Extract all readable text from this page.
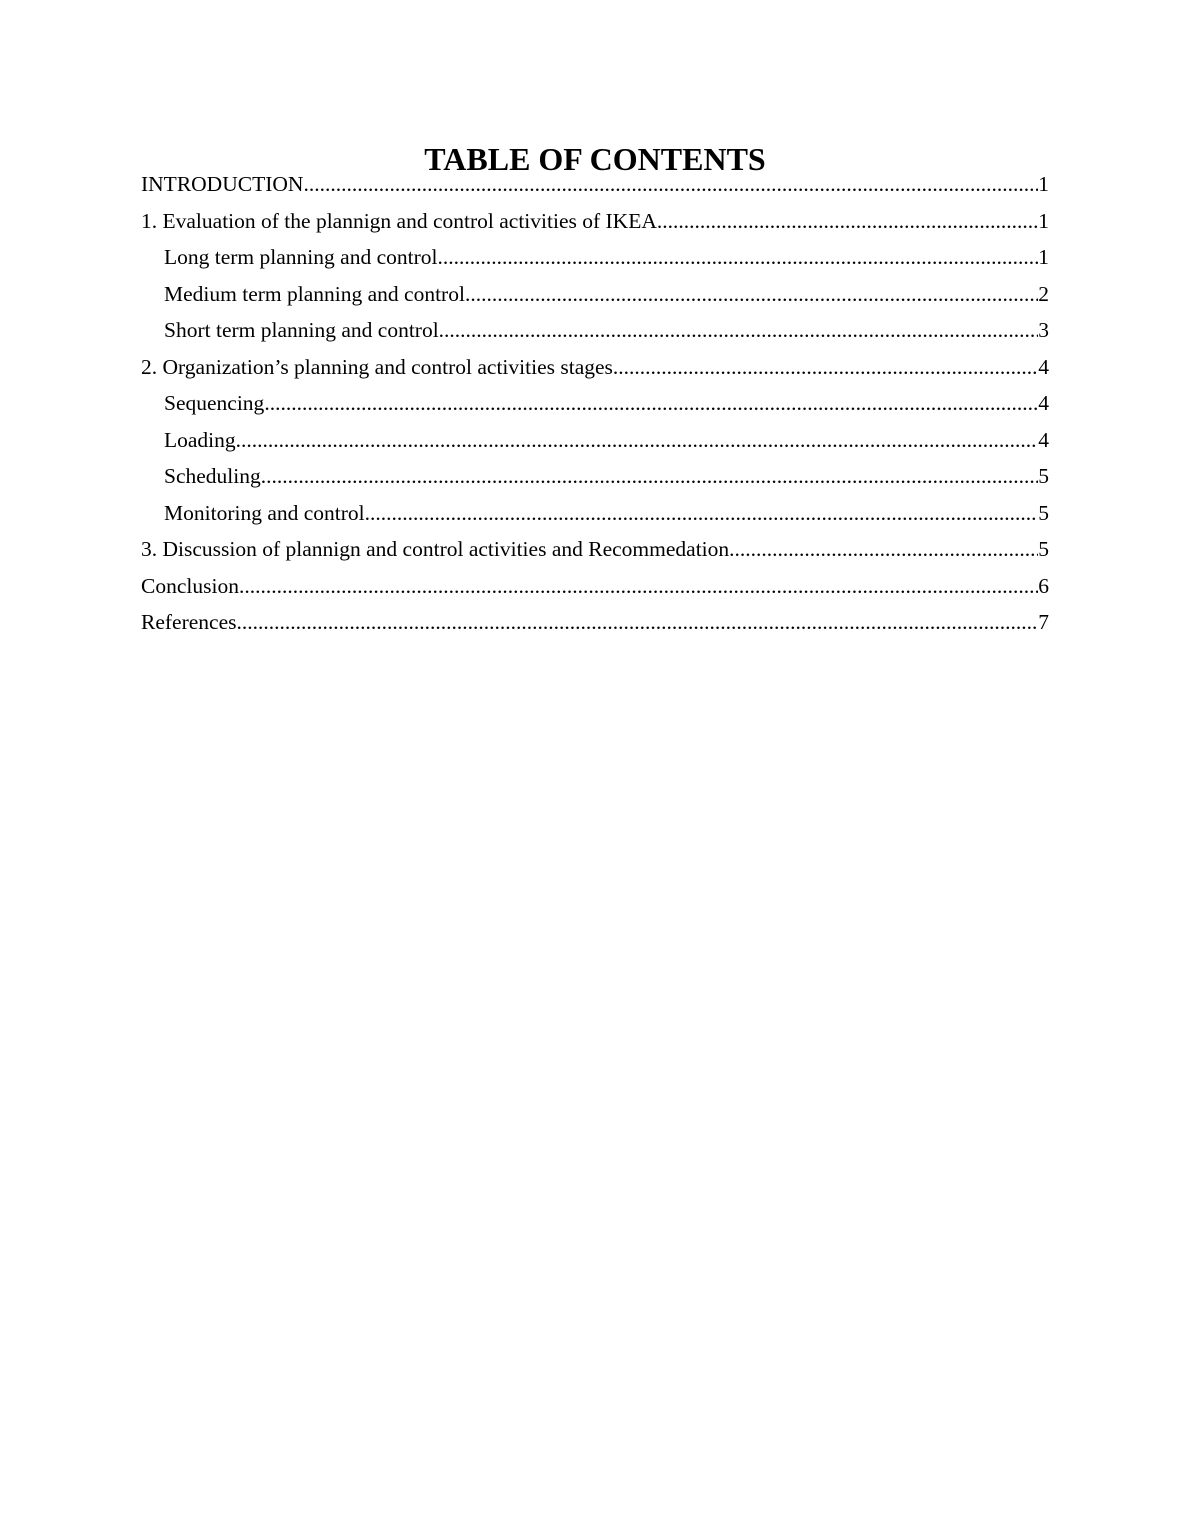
TABLE OF CONTENTS
INTRODUCTION .....	1
1. Evaluation of the plannign and control activities of IKEA .....	1
Long term planning and control .....	1
Medium term planning and control .....	2
Short term planning and control .....	3
2. Organization’s planning and control activities stages .....	4
Sequencing .....	4
Loading .....	4
Scheduling .....	5
Monitoring and control .....	5
3. Discussion of plannign and control activities and Recommedation .....	5
Conclusion .....	6
References .....	7
